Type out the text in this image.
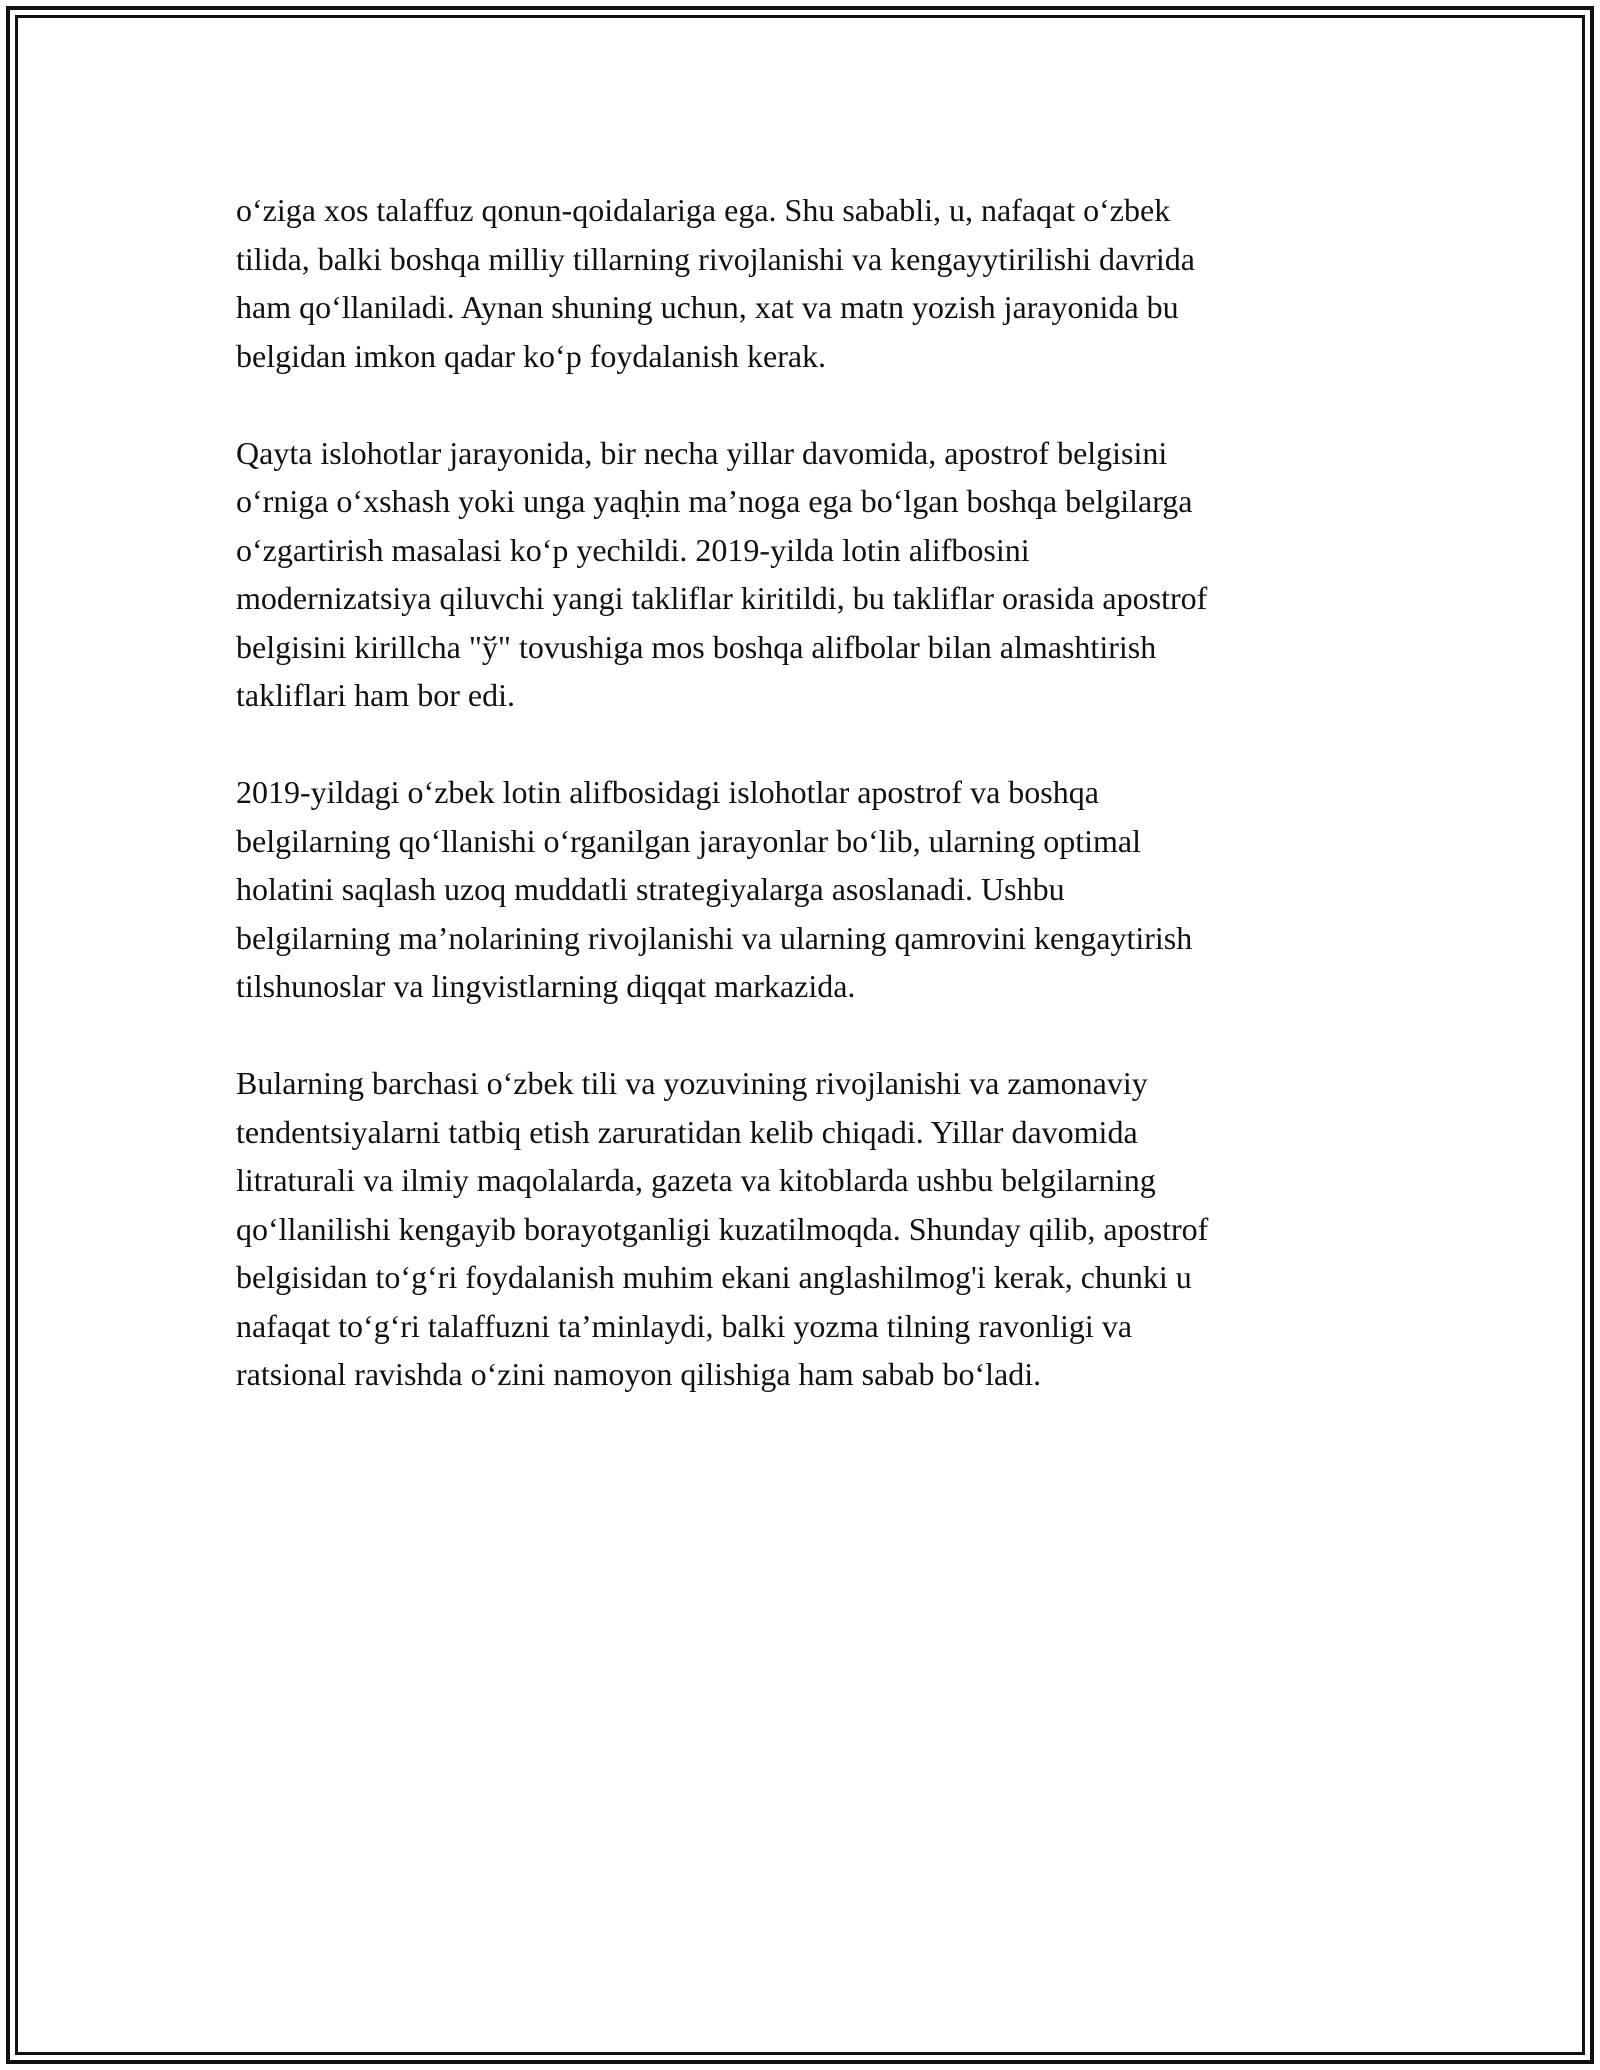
o‘ziga xos talaffuz qonun-qoidalariga ega. Shu sababli, u, nafaqat o‘zbek
tilida, balki boshqa milliy tillarning rivojlanishi va kengayytirilishi davrida
ham qo‘llaniladi. Aynan shuning uchun, xat va matn yozish jarayonida bu
belgidan imkon qadar ko‘p foydalanish kerak.

Qayta islohotlar jarayonida, bir necha yillar davomida, apostrof belgisini
o‘rniga o‘xshash yoki unga yaqḥin ma’noga ega bo‘lgan boshqa belgilarga
o‘zgartirish masalasi ko‘p yechildi. 2019-yilda lotin alifbosini
modernizatsiya qiluvchi yangi takliflar kiritildi, bu takliflar orasida apostrof
belgisini kirillcha "ў" tovushiga mos boshqa alifbolar bilan almashtirish
takliflari ham bor edi.

2019-yildagi o‘zbek lotin alifbosidagi islohotlar apostrof va boshqa
belgilarning qo‘llanishi o‘rganilgan jarayonlar bo‘lib, ularning optimal
holatini saqlash uzoq muddatli strategiyalarga asoslanadi. Ushbu
belgilarning ma’nolarining rivojlanishi va ularning qamrovini kengaytirish
tilshunoslar va lingvistlarning diqqat markazida.

Bularning barchasi o‘zbek tili va yozuvining rivojlanishi va zamonaviy
tendentsiyalarni tatbiq etish zaruratidan kelib chiqadi. Yillar davomida
litraturali va ilmiy maqolalarda, gazeta va kitoblarda ushbu belgilarning
qo‘llanilishi kengayib borayotganligi kuzatilmoqda. Shunday qilib, apostrof
belgisidan to‘g‘ri foydalanish muhim ekani anglashilmog'i kerak, chunki u
nafaqat to‘g‘ri talaffuzni ta’minlaydi, balki yozma tilning ravonligi va
ratsional ravishda o‘zini namoyon qilishiga ham sabab bo‘ladi.
